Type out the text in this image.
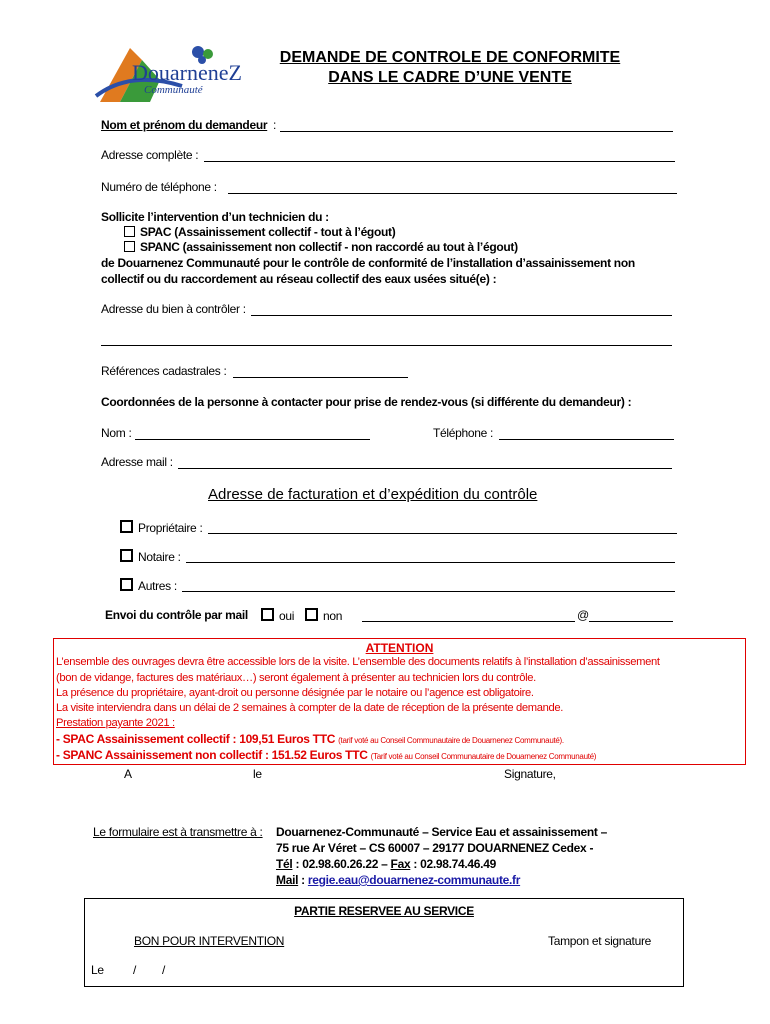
DouarneneZ
Communauté
DEMANDE DE CONTROLE DE CONFORMITE
DANS LE CADRE D’UNE VENTE
Nom et prénom du demandeur :
Adresse complète :
Numéro de téléphone :
Sollicite l’intervention d’un technicien du :
SPAC (Assainissement collectif - tout à l’égout)
SPANC (assainissement non collectif - non raccordé au tout à l’égout)
de Douarnenez Communauté pour le contrôle de conformité de l’installation d’assainissement non
collectif ou du raccordement au réseau collectif des eaux usées situé(e) :
Adresse du bien à contrôler :
Références cadastrales :
Coordonnées de la personne à contacter pour prise de rendez-vous (si différente du demandeur) :
Nom :	Téléphone :
Adresse mail :
Adresse de facturation et d’expédition du contrôle
Propriétaire :
Notaire :
Autres :
Envoi du contrôle par mail	oui	non	@
ATTENTION
L’ensemble des ouvrages devra être accessible lors de la visite. L’ensemble des documents relatifs à l’installation d’assainissement
(bon de vidange, factures des matériaux…) seront également à présenter au technicien lors du contrôle.
La présence du propriétaire, ayant-droit ou personne désignée par le notaire ou l’agence est obligatoire.
La visite interviendra dans un délai de 2 semaines à compter de la date de réception de la présente demande.
Prestation payante 2021 :
- SPAC Assainissement collectif : 109,51 Euros TTC (tarif voté au Conseil Communautaire de Douarnenez Communauté).
- SPANC Assainissement non collectif : 151.52 Euros TTC (Tarif voté au Conseil Communautaire de Douarnenez Communauté)
A	le	Signature,
Le formulaire est à transmettre à : Douarnenez-Communauté – Service Eau et assainissement –
75 rue Ar Véret – CS 60007 – 29177 DOUARNENEZ Cedex -
Tél : 02.98.60.26.22 – Fax : 02.98.74.46.49
Mail : regie.eau@douarnenez-communaute.fr
PARTIE RESERVEE AU SERVICE
BON POUR INTERVENTION	Tampon et signature
Le / /
